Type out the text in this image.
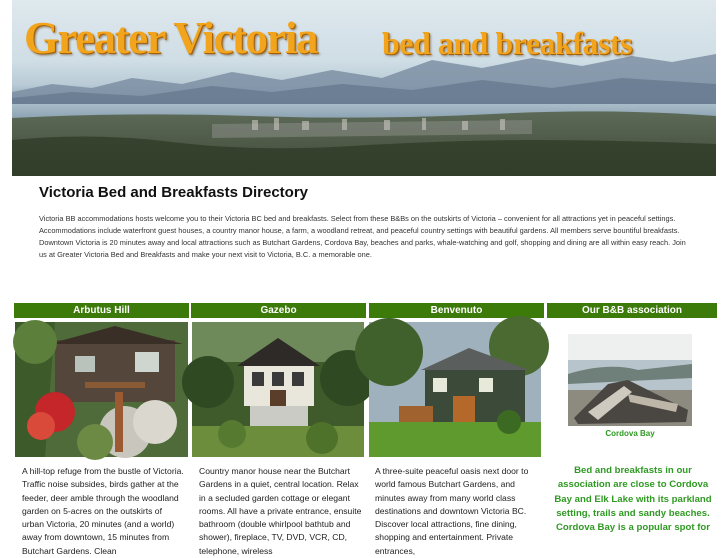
Greater Victoria bed and breakfasts
Victoria Bed and Breakfasts Directory
Victoria BB accommodations hosts welcome you to their Victoria BC bed and breakfasts. Select from these B&Bs on the outskirts of Victoria – convenient for all attractions yet in peaceful settings. Accommodations include waterfront guest houses, a country manor house, a farm, a woodland retreat, and peaceful country settings with beautiful gardens. All members serve bountiful breakfasts. Downtown Victoria is 20 minutes away and local attractions such as Butchart Gardens, Cordova Bay, beaches and parks, whale-watching and golf, shopping and dining are all within easy reach. Join us at Greater Victoria Bed and Breakfasts and make your next visit to Victoria, B.C. a memorable one.
Arbutus Hill
A hill-top refuge from the bustle of Victoria. Traffic noise subsides, birds gather at the feeder, deer amble through the woodland garden on 5-acres on the outskirts of urban Victoria, 20 minutes (and a world) away from downtown, 15 minutes from Butchart Gardens. Clean
Gazebo
Country manor house near the Butchart Gardens in a quiet, central location. Relax in a secluded garden cottage or elegant rooms. All have a private entrance, ensuite bathroom (double whirlpool bathtub and shower), fireplace, TV, DVD, VCR, CD, telephone, wireless
Benvenuto
A three-suite peaceful oasis next door to world famous Butchart Gardens, and minutes away from many world class destinations and downtown Victoria BC. Discover local attractions, fine dining, shopping and entertainment. Private entrances,
Our B&B association
Cordova Bay
Bed and breakfasts in our association are close to Cordova Bay and Elk Lake with its parkland setting, trails and sandy beaches. Cordova Bay is a popular spot for
